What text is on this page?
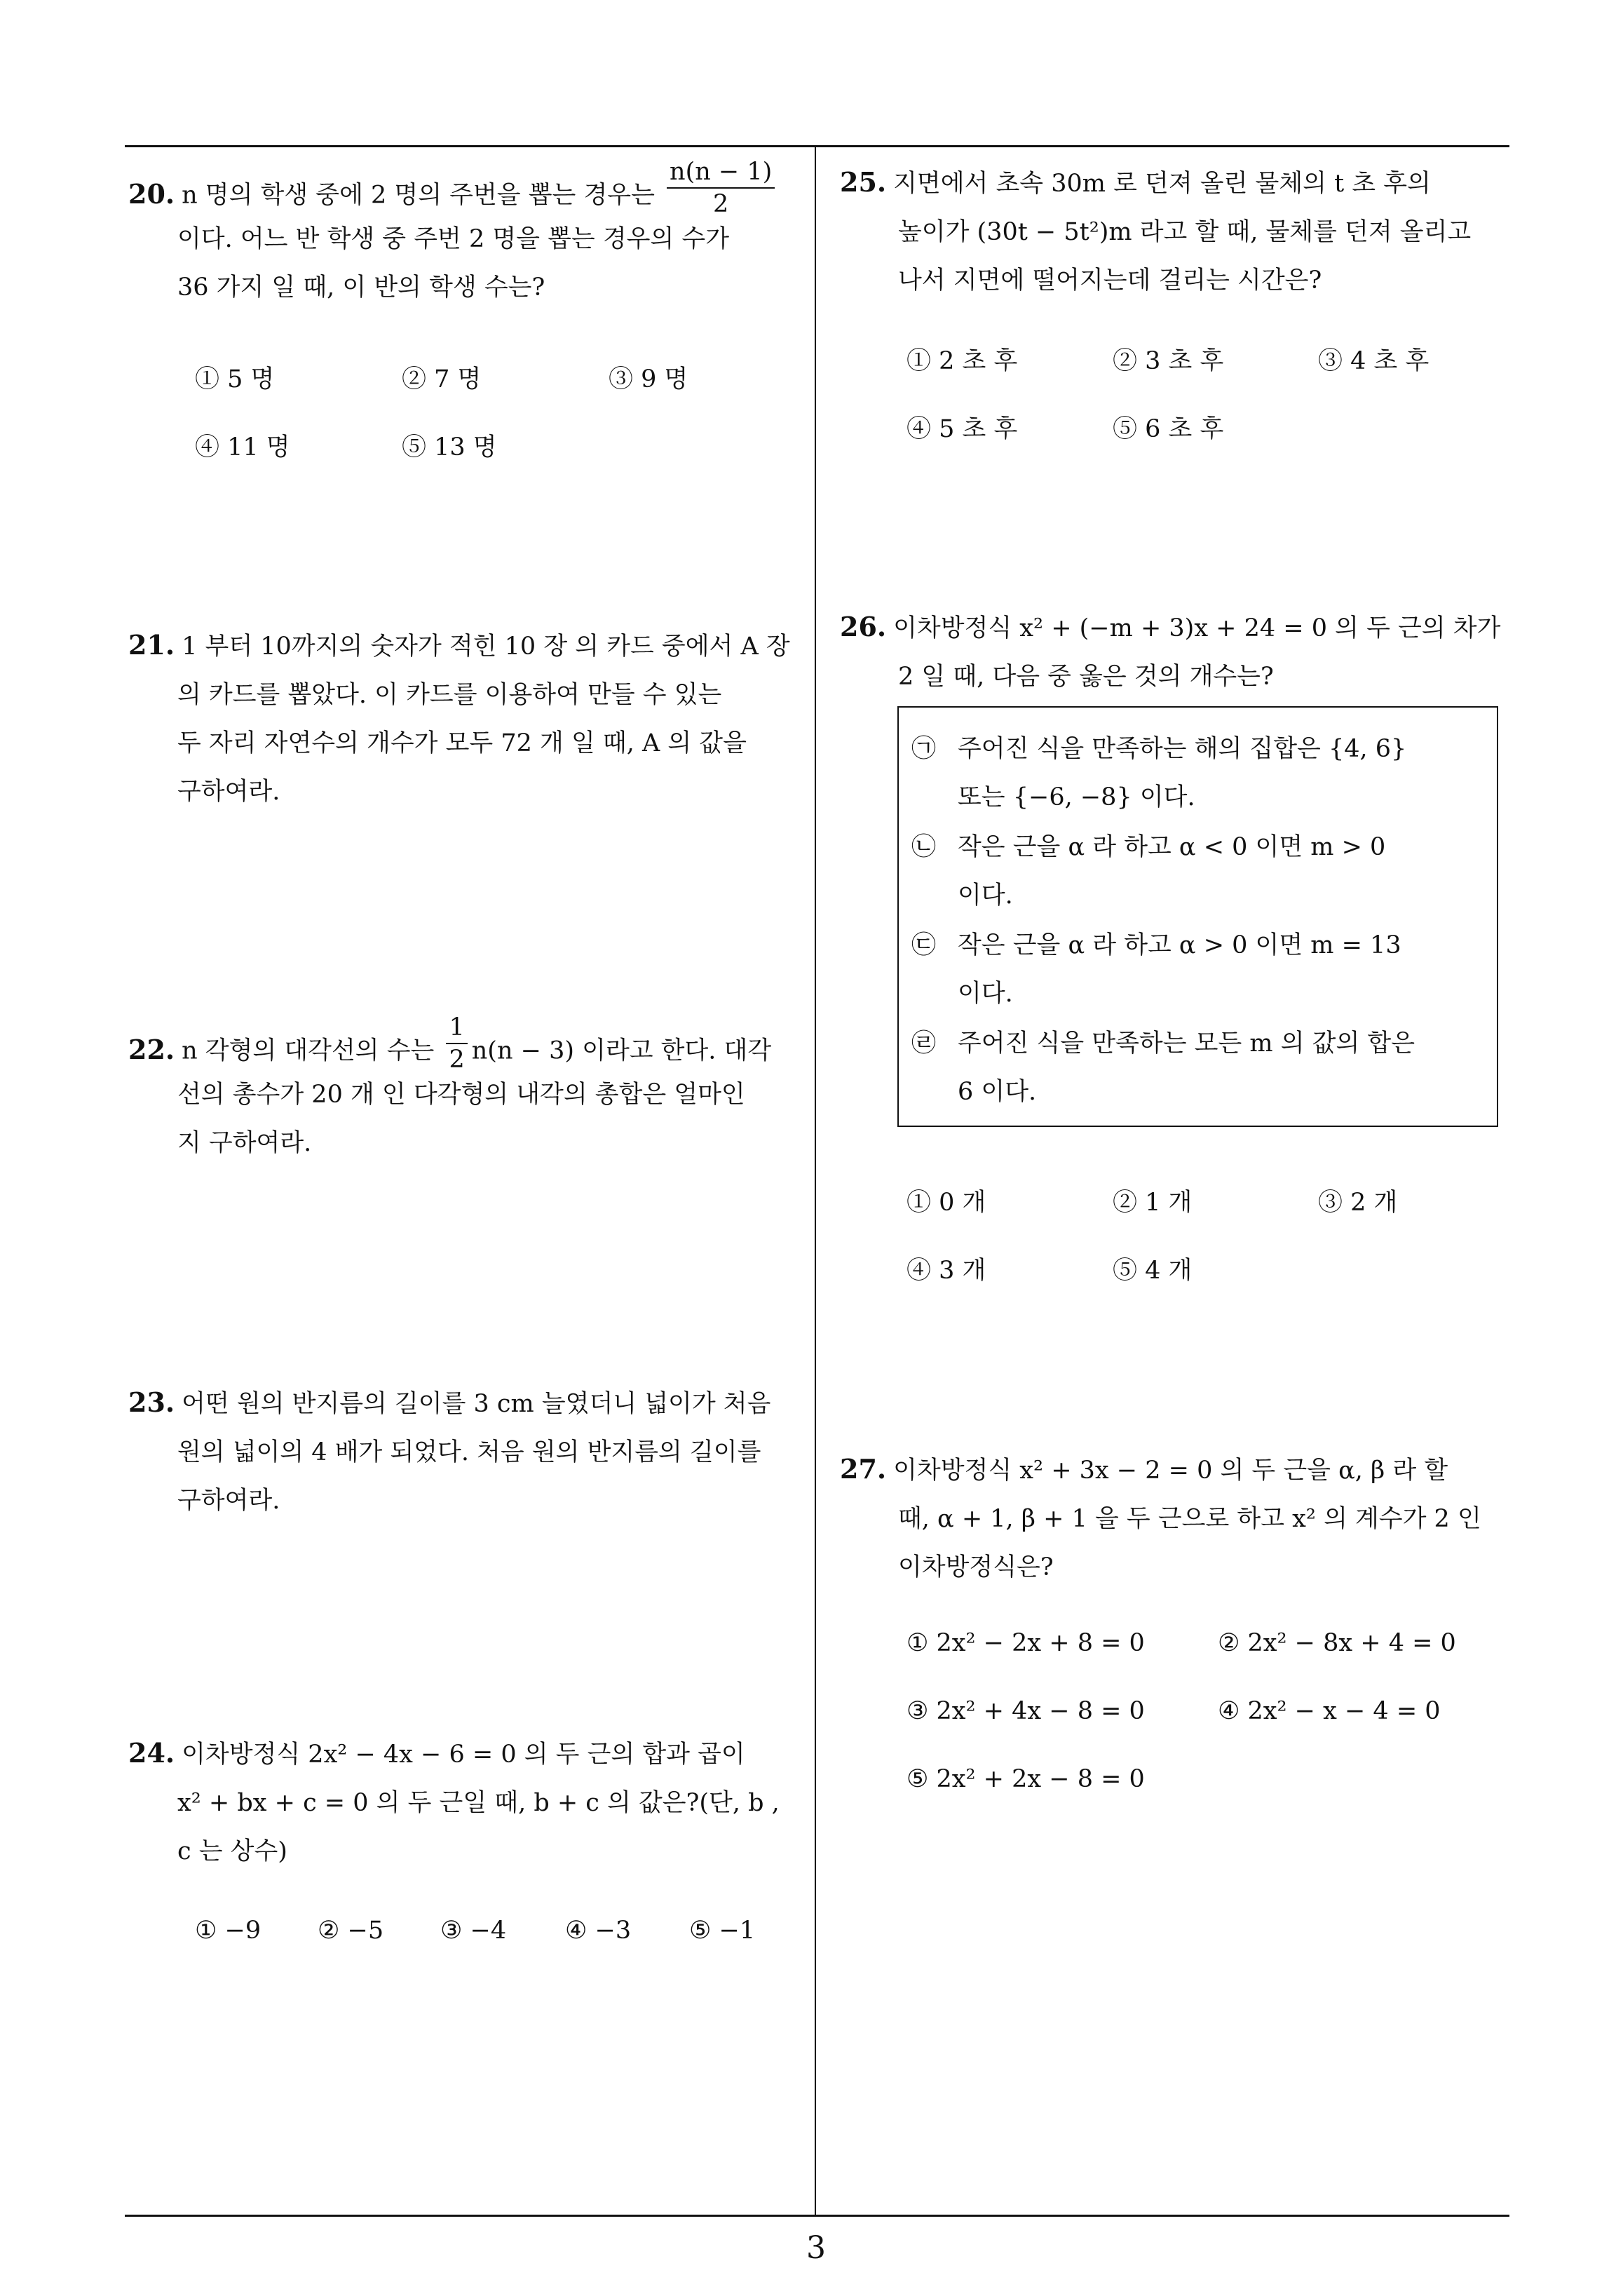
20. n 명의 학생 중에 2 명의 주번을 뽑는 경우는 $\frac{n(n - 1)}{2}$
이다. 어느 반 학생 중 주번 2 명을 뽑는 경우의 수가
36 가지 일 때, 이 반의 학생 수는?
① 5 명	② 7 명	③ 9 명
④ 11 명	⑤ 13 명
21. 1 부터 10까지의 숫자가 적힌 10 장 의 카드 중에서 A 장
의 카드를 뽑았다. 이 카드를 이용하여 만들 수 있는
두 자리 자연수의 개수가 모두 72 개 일 때, A 의 값을
구하여라.
22. n 각형의 대각선의 수는 $\frac{1}{2} n(n - 3)$ 이라고 한다. 대각
선의 총수가 20 개 인 다각형의 내각의 총합은 얼마인
지 구하여라.
23. 어떤 원의 반지름의 길이를 3 cm 늘였더니 넓이가 처음
원의 넓이의 4 배가 되었다. 처음 원의 반지름의 길이를
구하여라.
24. 이차방정식 2x² − 4x − 6 = 0 의 두 근의 합과 곱이
x² + bx + c = 0 의 두 근일 때, b + c 의 값은?(단, b ,
c 는 상수)
① −9 ② −5 ③ −4 ④ −3 ⑤ −1
25. 지면에서 초속 30m 로 던져 올린 물체의 t 초 후의
높이가 (30t − 5t²)m 라고 할 때, 물체를 던져 올리고
나서 지면에 떨어지는데 걸리는 시간은?
① 2 초 후	② 3 초 후	③ 4 초 후
④ 5 초 후	⑤ 6 초 후
26. 이차방정식 x² + (−m + 3)x + 24 = 0 의 두 근의 차가
2 일 때, 다음 중 옳은 것의 개수는?
㉠ 주어진 식을 만족하는 해의 집합은 {4, 6}
또는 {−6, −8} 이다.
㉡ 작은 근을 α 라 하고 α < 0 이면 m > 0
이다.
㉢ 작은 근을 α 라 하고 α > 0 이면 m = 13
이다.
㉣ 주어진 식을 만족하는 모든 m 의 값의 합은
6 이다.
① 0 개	② 1 개	③ 2 개
④ 3 개	⑤ 4 개
27. 이차방정식 x² + 3x − 2 = 0 의 두 근을 α, β 라 할
때, α + 1, β + 1 을 두 근으로 하고 x² 의 계수가 2 인
이차방정식은?
① 2x² − 2x + 8 = 0	② 2x² − 8x + 4 = 0
③ 2x² + 4x − 8 = 0	④ 2x² − x − 4 = 0
⑤ 2x² + 2x − 8 = 0
3
